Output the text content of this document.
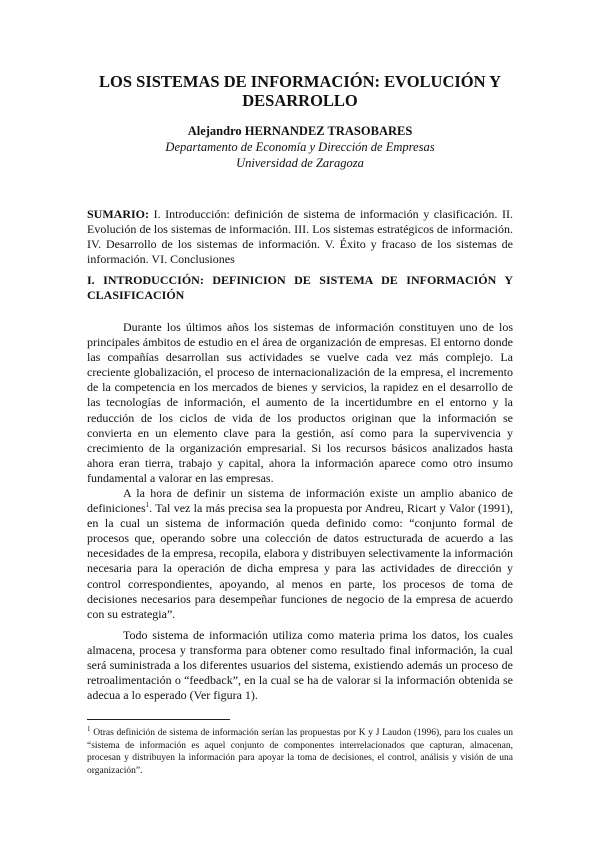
LOS SISTEMAS DE INFORMACIÓN: EVOLUCIÓN Y DESARROLLO

Alejandro HERNANDEZ TRASOBARES

Departamento de Economía y Dirección de Empresas

Universidad de Zaragoza

SUMARIO: I. Introducción: definición de sistema de información y clasificación. II. Evolución de los sistemas de información. III. Los sistemas estratégicos de información. IV. Desarrollo de los sistemas de información. V. Éxito y fracaso de los sistemas de información. VI. Conclusiones

I. INTRODUCCIÓN: DEFINICION DE SISTEMA DE INFORMACIÓN Y CLASIFICACIÓN

Durante los últimos años los sistemas de información constituyen uno de los principales ámbitos de estudio en el área de organización de empresas. El entorno donde las compañías desarrollan sus actividades se vuelve cada vez más complejo. La creciente globalización, el proceso de internacionalización de la empresa, el incremento de la competencia en los mercados de bienes y servicios, la rapidez en el desarrollo de las tecnologías de información, el aumento de la incertidumbre en el entorno y la reducción de los ciclos de vida de los productos originan que la información se convierta en un elemento clave para la gestión, así como para la supervivencia y crecimiento de la organización empresarial. Si los recursos básicos analizados hasta ahora eran tierra, trabajo y capital, ahora la información aparece como otro insumo fundamental a valorar en las empresas.

A la hora de definir un sistema de información existe un amplio abanico de definiciones$^1$. Tal vez la más precisa sea la propuesta por Andreu, Ricart y Valor (1991), en la cual un sistema de información queda definido como: “conjunto formal de procesos que, operando sobre una colección de datos estructurada de acuerdo a las necesidades de la empresa, recopila, elabora y distribuyen selectivamente la información necesaria para la operación de dicha empresa y para las actividades de dirección y control correspondientes, apoyando, al menos en parte, los procesos de toma de decisiones necesarios para desempeñar funciones de negocio de la empresa de acuerdo con su estrategia”.

Todo sistema de información utiliza como materia prima los datos, los cuales almacena, procesa y transforma para obtener como resultado final información, la cual será suministrada a los diferentes usuarios del sistema, existiendo además un proceso de retroalimentación o “feedback”, en la cual se ha de valorar si la información obtenida se adecua a lo esperado (Ver figura 1).

$^1$ Otras definición de sistema de información serían las propuestas por K y J Laudon (1996), para los cuales un “sistema de información es aquel conjunto de componentes interrelacionados que capturan, almacenan, procesan y distribuyen la información para apoyar la toma de decisiones, el control, análisis y visión de una organización”.
